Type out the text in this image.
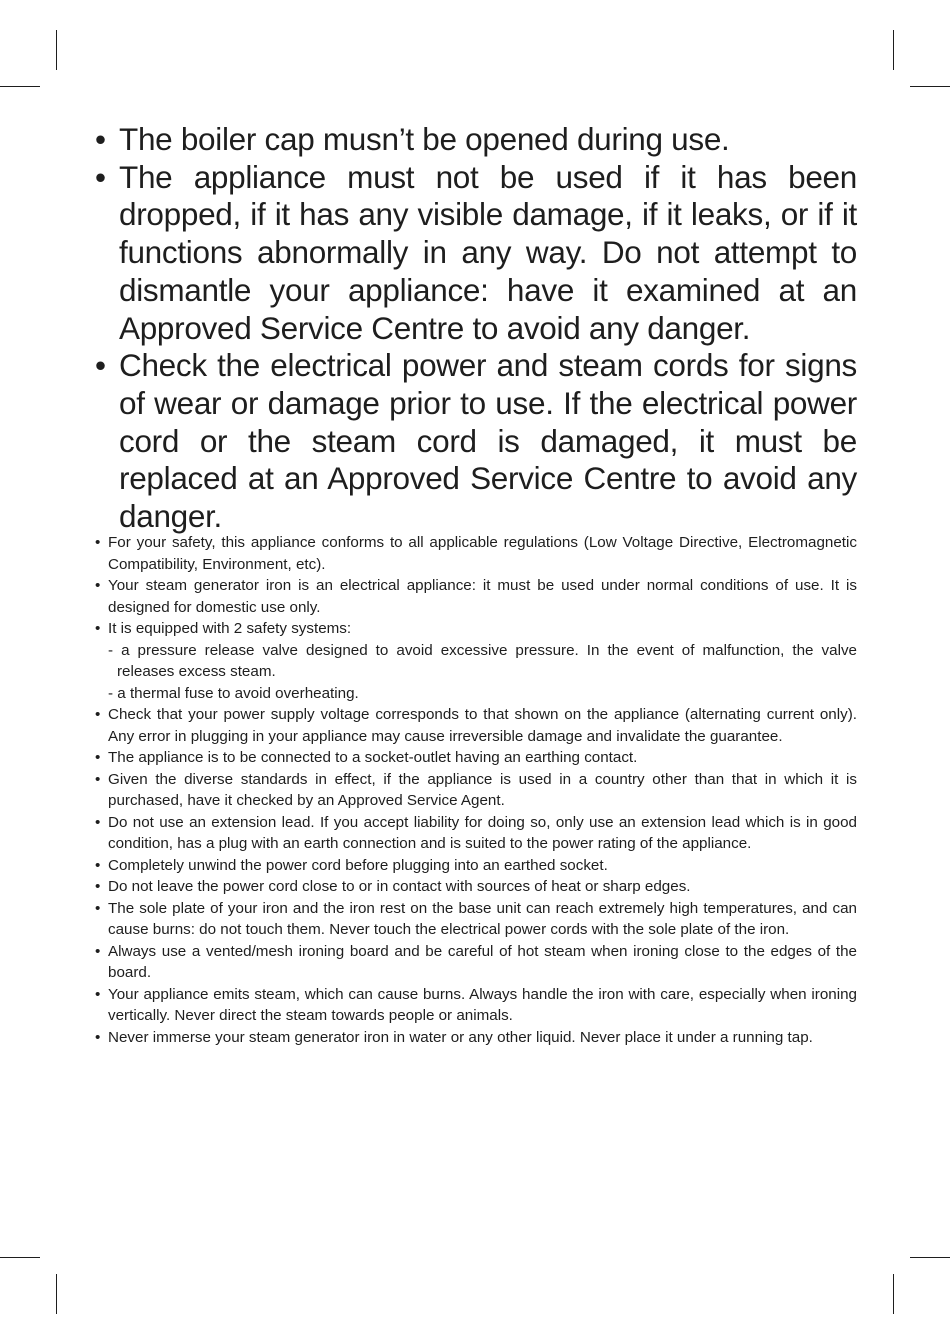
• The boiler cap musn’t be opened during use.
• The appliance must not be used if it has been dropped, if it has any visible damage, if it leaks, or if it functions abnormally in any way. Do not attempt to dismantle your appliance: have it examined at an Approved Service Centre to avoid any danger.
• Check the electrical power and steam cords for signs of wear or damage prior to use. If the electrical power cord or the steam cord is damaged, it must be replaced at an Approved Service Centre to avoid any danger.
• For your safety, this appliance conforms to all applicable regulations (Low Voltage Directive, Electromagnetic Compatibility, Environment, etc).
• Your steam generator iron is an electrical appliance: it must be used under normal conditions of use. It is designed for domestic use only.
• It is equipped with 2 safety systems:
- a pressure release valve designed to avoid excessive pressure. In the event of malfunction, the valve releases excess steam.
- a thermal fuse to avoid overheating.
• Check that your power supply voltage corresponds to that shown on the appliance (alternating current only). Any error in plugging in your appliance may cause irreversible damage and invalidate the guarantee.
• The appliance is to be connected to a socket-outlet having an earthing contact.
• Given the diverse standards in effect, if the appliance is used in a country other than that in which it is purchased, have it checked by an Approved Service Agent.
• Do not use an extension lead. If you accept liability for doing so, only use an extension lead which is in good condition, has a plug with an earth connection and is suited to the power rating of the appliance.
• Completely unwind the power cord before plugging into an earthed socket.
• Do not leave the power cord close to or in contact with sources of heat or sharp edges.
• The sole plate of your iron and the iron rest on the base unit can reach extremely high temperatures, and can cause burns: do not touch them. Never touch the electrical power cords with the sole plate of the iron.
• Always use a vented/mesh ironing board and be careful of hot steam when ironing close to the edges of the board.
• Your appliance emits steam, which can cause burns. Always handle the iron with care, especially when ironing vertically. Never direct the steam towards people or animals.
• Never immerse your steam generator iron in water or any other liquid. Never place it under a running tap.
